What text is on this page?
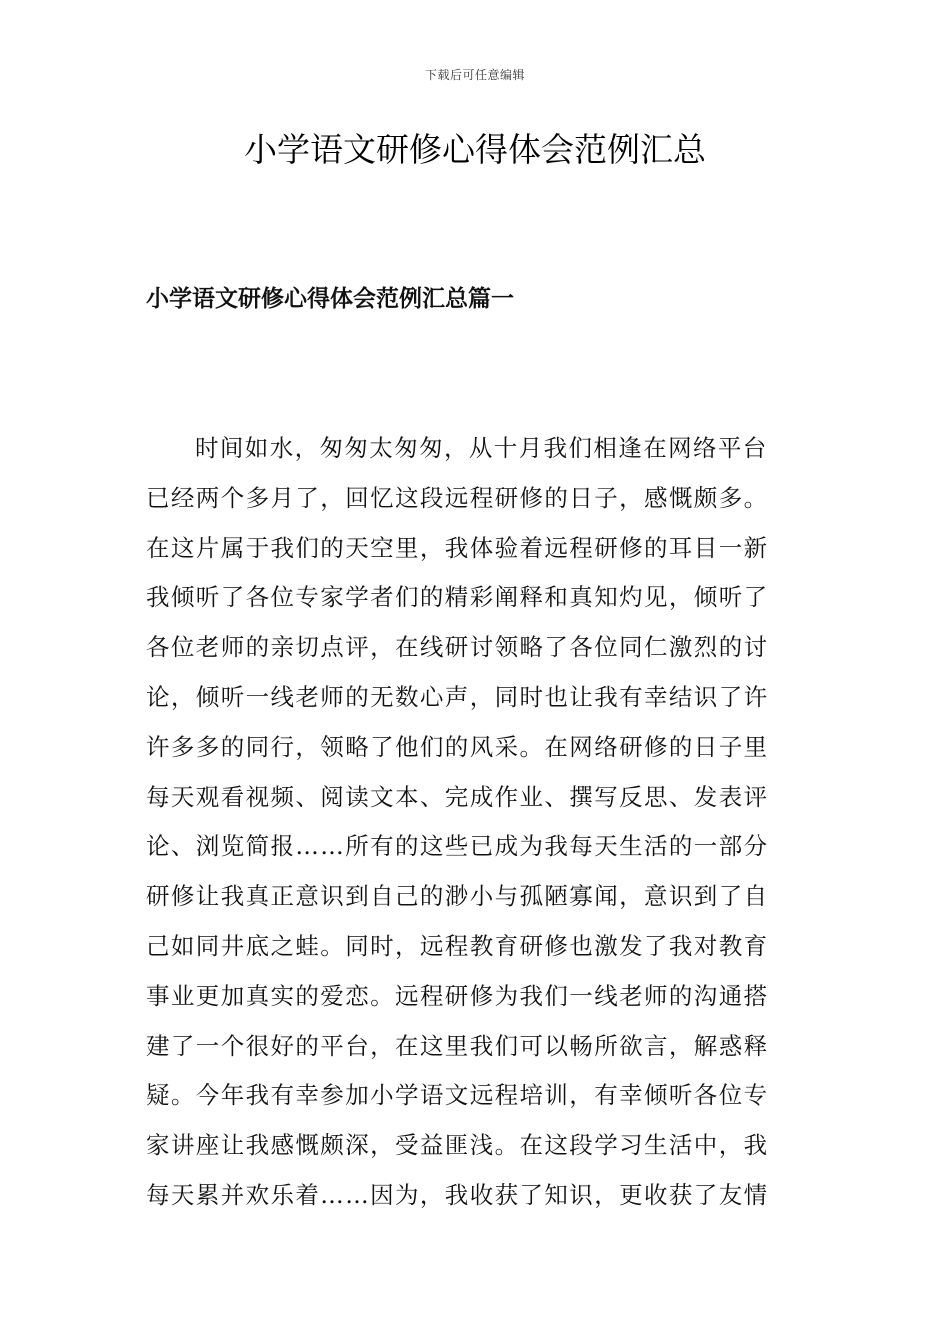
下载后可任意编辑
小学语文研修心得体会范例汇总
小学语文研修心得体会范例汇总篇一
时间如水，匆匆太匆匆，从十月我们相逢在网络平台
已经两个多月了，回忆这段远程研修的日子，感慨颇多。
在这片属于我们的天空里，我体验着远程研修的耳目一新
我倾听了各位专家学者们的精彩阐释和真知灼见，倾听了
各位老师的亲切点评，在线研讨领略了各位同仁激烈的讨
论，倾听一线老师的无数心声，同时也让我有幸结识了许
许多多的同行，领略了他们的风采。在网络研修的日子里
每天观看视频、阅读文本、完成作业、撰写反思、发表评
论、浏览简报……所有的这些已成为我每天生活的一部分
研修让我真正意识到自己的渺小与孤陋寡闻，意识到了自
己如同井底之蛙。同时，远程教育研修也激发了我对教育
事业更加真实的爱恋。远程研修为我们一线老师的沟通搭
建了一个很好的平台，在这里我们可以畅所欲言，解惑释
疑。今年我有幸参加小学语文远程培训，有幸倾听各位专
家讲座让我感慨颇深，受益匪浅。在这段学习生活中，我
每天累并欢乐着……因为，我收获了知识，更收获了友情
